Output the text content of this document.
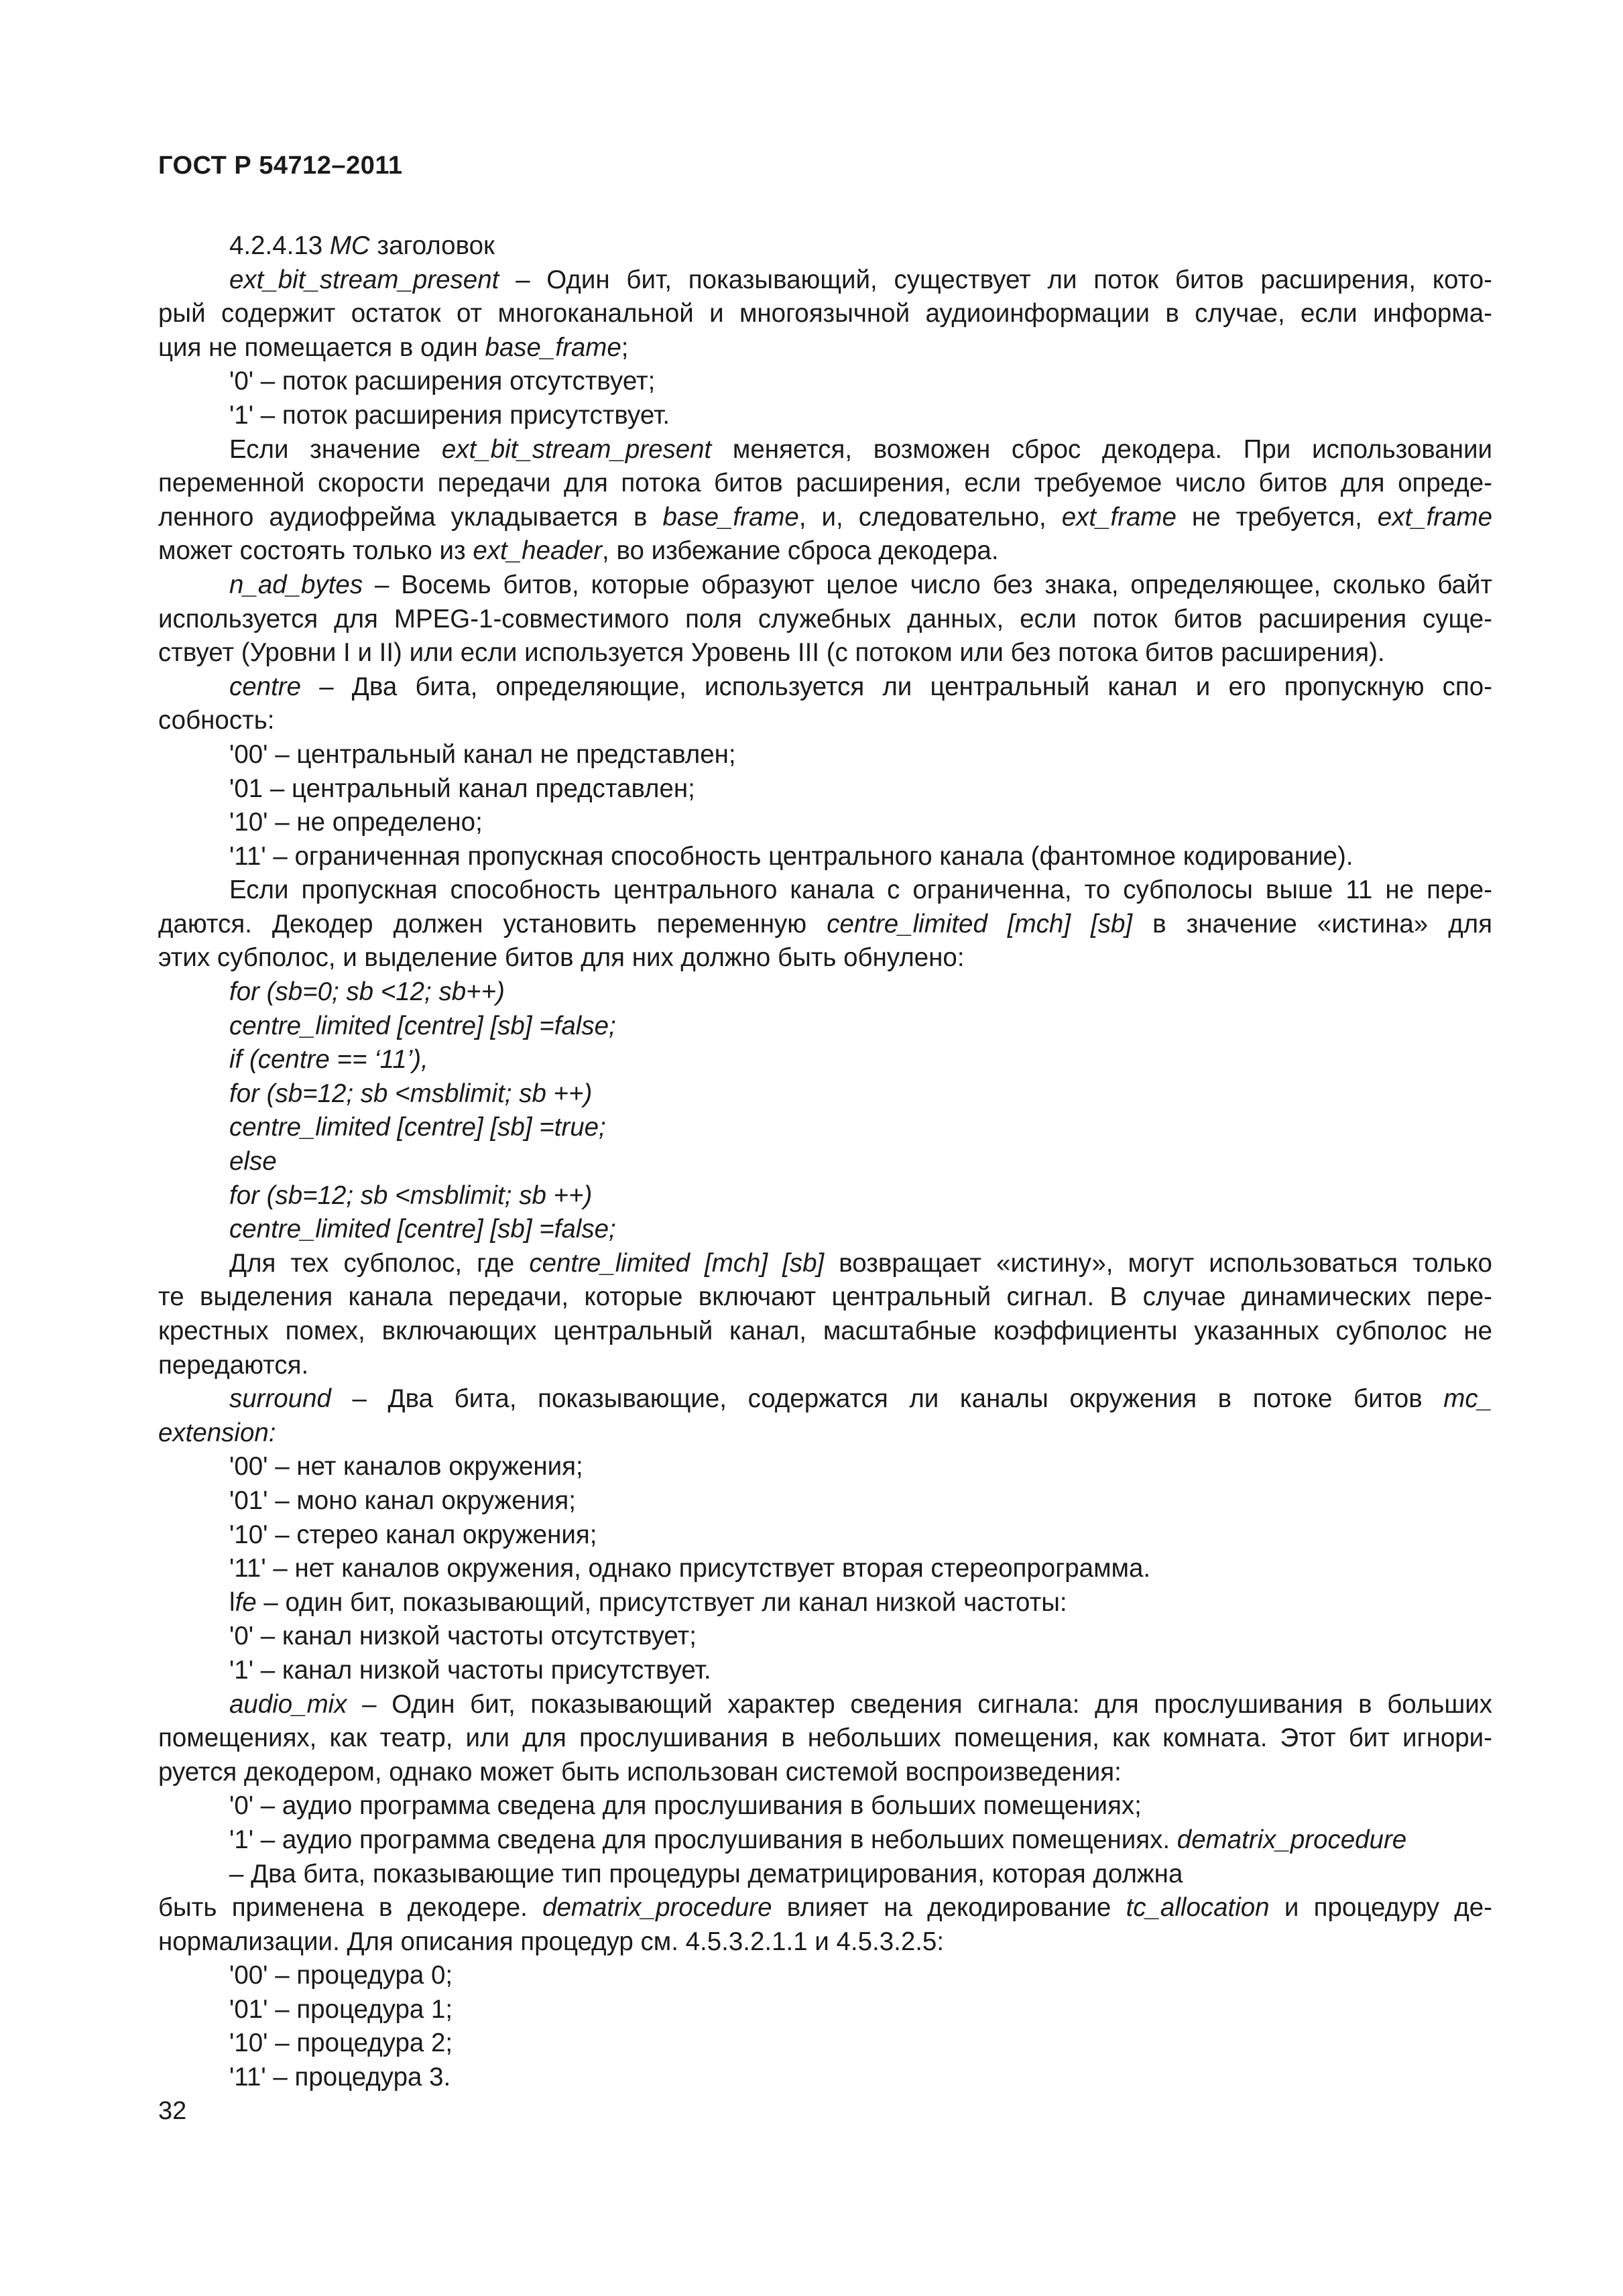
ГОСТ Р 54712–2011

4.2.4.13 MC заголовок

ext_bit_stream_present – Один бит, показывающий, существует ли поток битов расширения, кото-

рый содержит остаток от многоканальной и многоязычной аудиоинформации в случае, если информа-

ция не помещается в один base_frame;

'0' – поток расширения отсутствует;

'1' – поток расширения присутствует.

Если значение ext_bit_stream_present меняется, возможен сброс декодера. При использовании

переменной скорости передачи для потока битов расширения, если требуемое число битов для опреде-

ленного аудиофрейма укладывается в base_frame, и, следовательно, ext_frame не требуется, ext_frame

может состоять только из ext_header, во избежание сброса декодера.

n_ad_bytes – Восемь битов, которые образуют целое число без знака, определяющее, сколько байт

используется для MPEG-1-совместимого поля служебных данных, если поток битов расширения суще-

ствует (Уровни I и II) или если используется Уровень III (с потоком или без потока битов расширения).

centre – Два бита, определяющие, используется ли центральный канал и его пропускную спо-

собность:

'00' – центральный канал не представлен;

'01 – центральный канал представлен;

'10' – не определено;

'11' – ограниченная пропускная способность центрального канала (фантомное кодирование).

Если пропускная способность центрального канала с ограниченна, то субполосы выше 11 не пере-

даются. Декодер должен установить переменную centre_limited [mch] [sb] в значение «истина» для

этих субполос, и выделение битов для них должно быть обнулено:

for (sb=0; sb <12; sb++)

centre_limited [centre] [sb] =false;

if (centre == ‘11’),

for (sb=12; sb <msblimit; sb ++)

centre_limited [centre] [sb] =true;

else

for (sb=12; sb <msblimit; sb ++)

centre_limited [centre] [sb] =false;

Для тех субполос, где centre_limited [mch] [sb] возвращает «истину», могут использоваться только

те выделения канала передачи, которые включают центральный сигнал. В случае динамических пере-

крестных помех, включающих центральный канал, масштабные коэффициенты указанных субполос не

передаются.

surround – Два бита, показывающие, содержатся ли каналы окружения в потоке битов mc_

extension:

'00' – нет каналов окружения;

'01' – моно канал окружения;

'10' – стерео канал окружения;

'11' – нет каналов окружения, однако присутствует вторая стереопрограмма.

lfe – один бит, показывающий, присутствует ли канал низкой частоты:

'0' – канал низкой частоты отсутствует;

'1' – канал низкой частоты присутствует.

audio_mix – Один бит, показывающий характер сведения сигнала: для прослушивания в больших

помещениях, как театр, или для прослушивания в небольших помещения, как комната. Этот бит игнори-

руется декодером, однако может быть использован системой воспроизведения:

'0' – аудио программа сведена для прослушивания в больших помещениях;

'1' – аудио программа сведена для прослушивания в небольших помещениях. dematrix_procedure

– Два бита, показывающие тип процедуры дематрицирования, которая должна

быть применена в декодере. dematrix_procedure влияет на декодирование tc_allocation и процедуру де-

нормализации. Для описания процедур см. 4.5.3.2.1.1 и 4.5.3.2.5:

'00' – процедура 0;

'01' – процедура 1;

'10' – процедура 2;

'11' – процедура 3.

32
